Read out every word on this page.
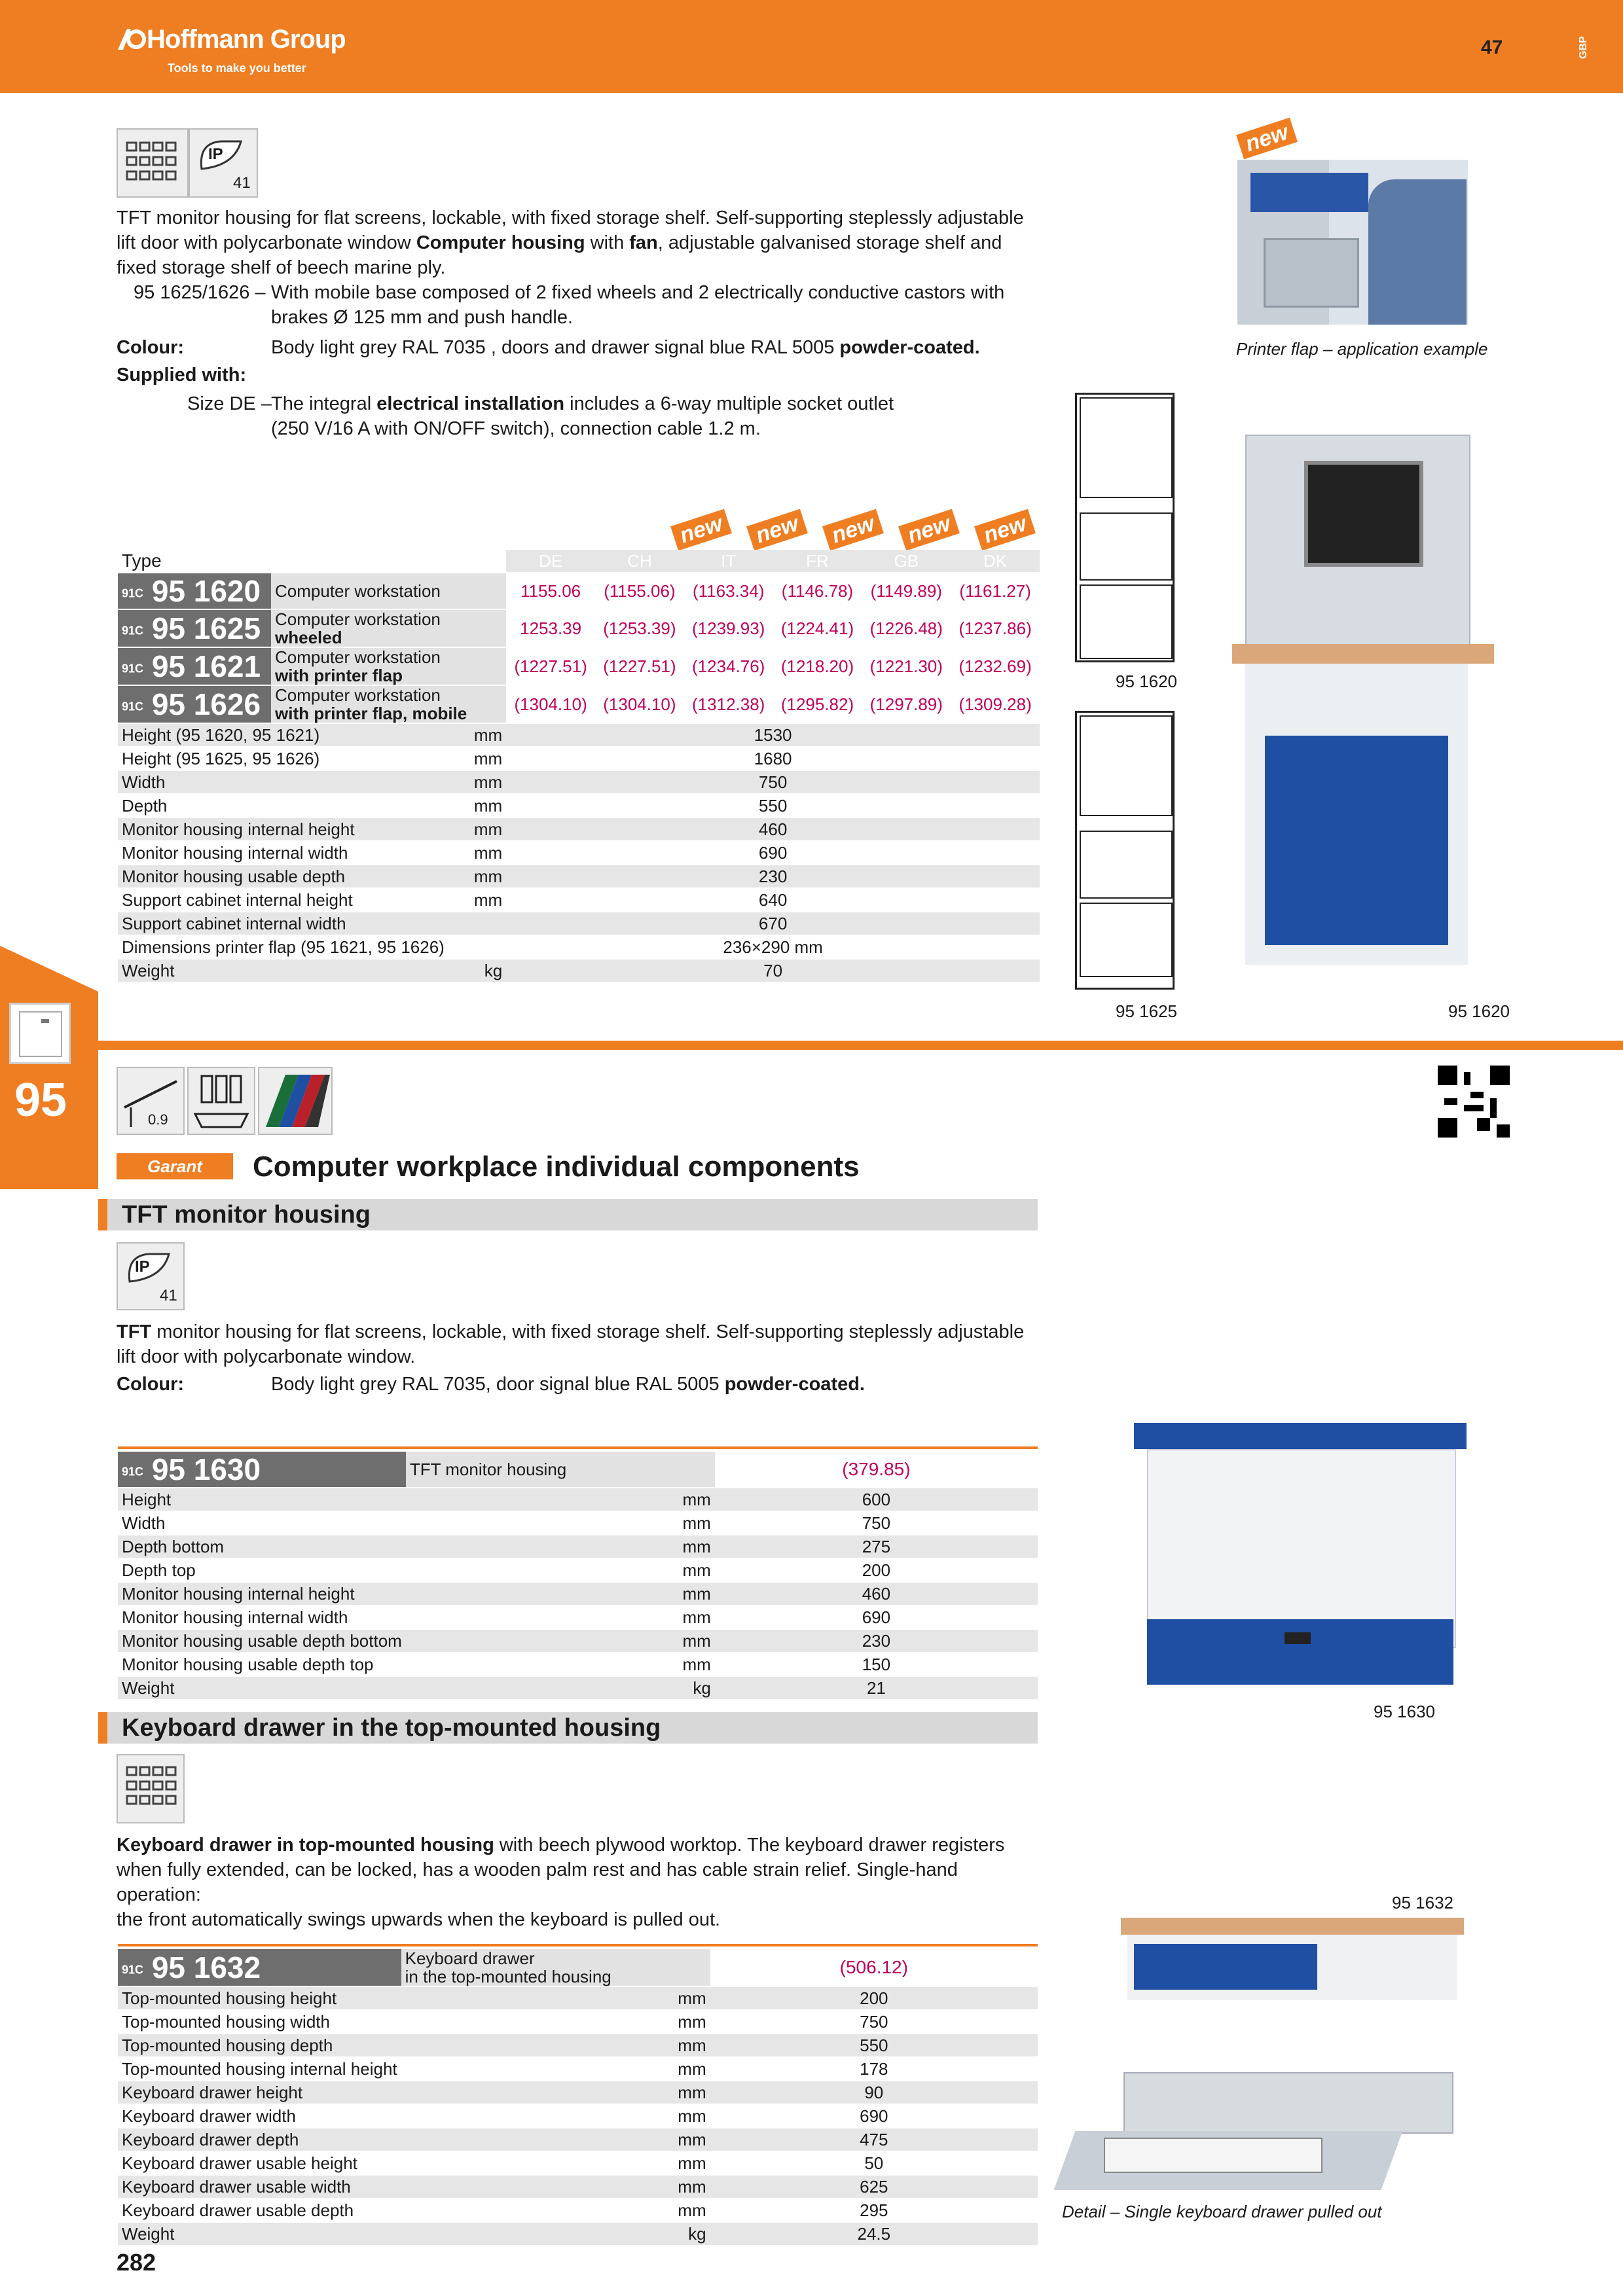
Hoffmann Group
Tools to make you better
47	GBP
95
IP
41
TFT monitor housing for flat screens, lockable, with fixed storage shelf. Self-supporting steplessly adjustable
lift door with polycarbonate window Computer housing with fan, adjustable galvanised storage shelf and
fixed storage shelf of beech marine ply.
95 1625/1626 – With mobile base composed of 2 fixed wheels and 2 electrically conductive castors with
brakes Ø 125 mm and push handle.
Colour:	Body light grey RAL 7035 , doors and drawer signal blue RAL 5005 powder-coated.
Supplied with:
Size DE – The integral electrical installation includes a 6-way multiple socket outlet
(250 V/16 A with ON/OFF switch), connection cable 1.2 m.
new
Printer flap – application example
new new new new new
Type			DE	CH	IT	FR	GB	DK
91C 95 1620	Computer workstation		1155.06	(1155.06)	(1163.34)	(1146.78)	(1149.89)	(1161.27)
91C 95 1625	Computer workstation
wheeled		1253.39	(1253.39)	(1239.93)	(1224.41)	(1226.48)	(1237.86)
91C 95 1621	Computer workstation
with printer flap		(1227.51)	(1227.51)	(1234.76)	(1218.20)	(1221.30)	(1232.69)
91C 95 1626	Computer workstation
with printer flap, mobile		(1304.10)	(1304.10)	(1312.38)	(1295.82)	(1297.89)	(1309.28)
Height (95 1620, 95 1621)		mm	1530					
Height (95 1625, 95 1626)		mm	1680					
Width		mm	750					
Depth		mm	550					
Monitor housing internal height		mm	460					
Monitor housing internal width		mm	690					
Monitor housing usable depth		mm	230					
Support cabinet internal height		mm	640					
Support cabinet internal width			670					
Dimensions printer flap (95 1621, 95 1626)			236×290 mm					
Weight		kg	70					
95 1620
95 1625	95 1620
0.9
Garant	Computer workplace individual components
TFT monitor housing
IP
41
TFT monitor housing for flat screens, lockable, with fixed storage shelf. Self-supporting steplessly adjustable
lift door with polycarbonate window.
Colour:	Body light grey RAL 7035, door signal blue RAL 5005 powder-coated.
91C 95 1630	TFT monitor housing	(379.85)
Height	mm	600
Width	mm	750
Depth bottom	mm	275
Depth top	mm	200
Monitor housing internal height	mm	460
Monitor housing internal width	mm	690
Monitor housing usable depth bottom	mm	230
Monitor housing usable depth top	mm	150
Weight	kg	21
95 1630
Keyboard drawer in the top-mounted housing
Keyboard drawer in top-mounted housing with beech plywood worktop. The keyboard drawer registers
when fully extended, can be locked, has a wooden palm rest and has cable strain relief. Single-hand operation:
the front automatically swings upwards when the keyboard is pulled out.
95 1632
91C 95 1632	Keyboard drawer
in the top-mounted housing	(506.12)
Top-mounted housing height	mm	200
Top-mounted housing width	mm	750
Top-mounted housing depth	mm	550
Top-mounted housing internal height	mm	178
Keyboard drawer height	mm	90
Keyboard drawer width	mm	690
Keyboard drawer depth	mm	475
Keyboard drawer usable height	mm	50
Keyboard drawer usable width	mm	625
Keyboard drawer usable depth	mm	295
Weight	kg	24.5
Detail – Single keyboard drawer pulled out
282
